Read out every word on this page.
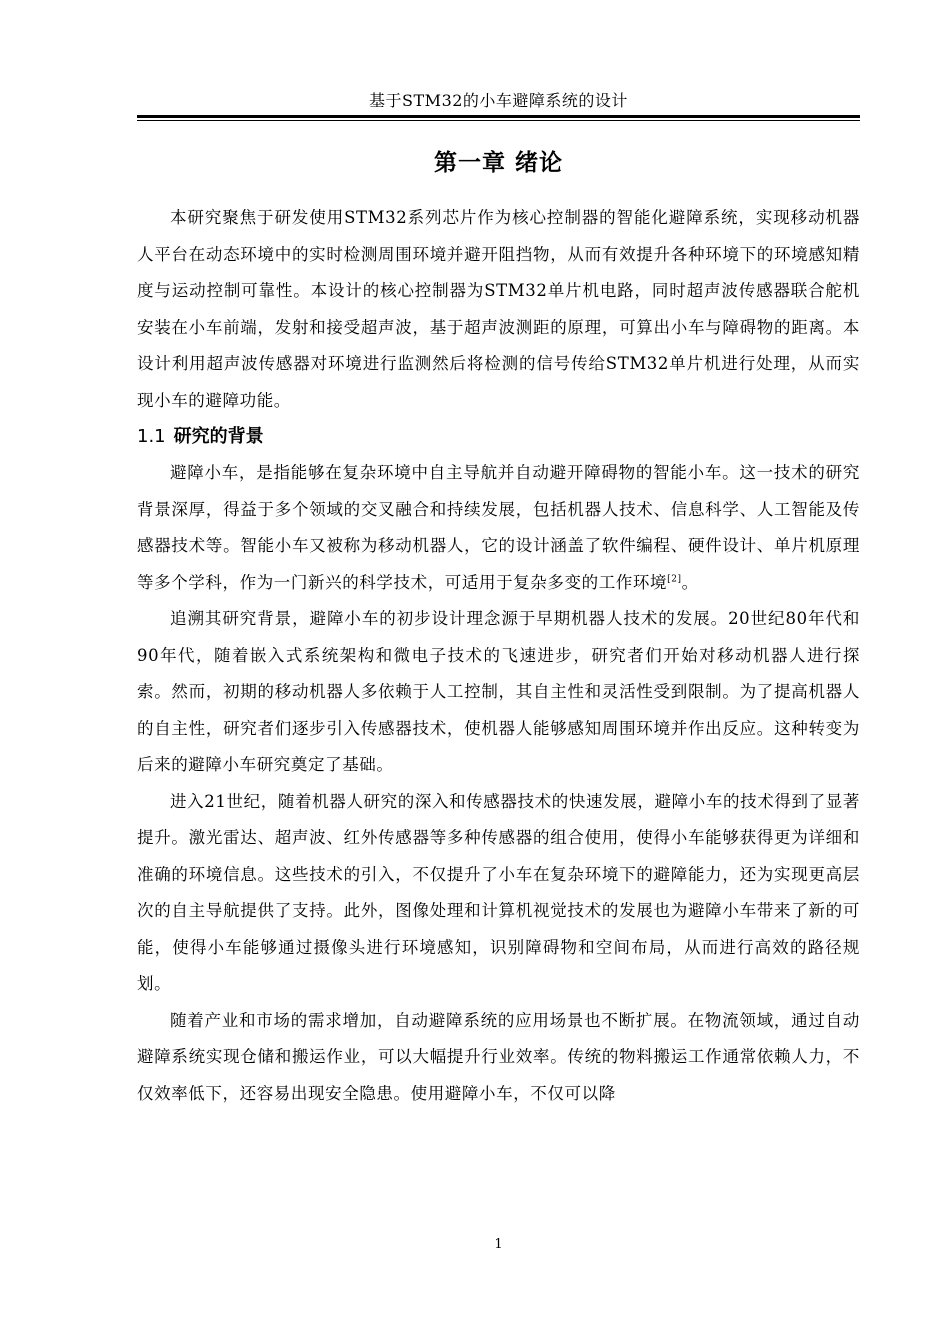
基于STM32的小车避障系统的设计
第一章 绪论

本研究聚焦于研发使用STM32系列芯片作为核心控制器的智能化避障系统，实现移动机器人平台在动态环境中的实时检测周围环境并避开阻挡物，从而有效提升各种环境下的环境感知精度与运动控制可靠性。本设计的核心控制器为STM32单片机电路，同时超声波传感器联合舵机安装在小车前端，发射和接受超声波，基于超声波测距的原理，可算出小车与障碍物的距离。本设计利用超声波传感器对环境进行监测然后将检测的信号传给STM32单片机进行处理，从而实现小车的避障功能。

1.1 研究的背景

避障小车，是指能够在复杂环境中自主导航并自动避开障碍物的智能小车。这一技术的研究背景深厚，得益于多个领域的交叉融合和持续发展，包括机器人技术、信息科学、人工智能及传感器技术等。智能小车又被称为移动机器人，它的设计涵盖了软件编程、硬件设计、单片机原理等多个学科，作为一门新兴的科学技术，可适用于复杂多变的工作环境[2]。

追溯其研究背景，避障小车的初步设计理念源于早期机器人技术的发展。20世纪80年代和90年代，随着嵌入式系统架构和微电子技术的飞速进步，研究者们开始对移动机器人进行探索。然而，初期的移动机器人多依赖于人工控制，其自主性和灵活性受到限制。为了提高机器人的自主性，研究者们逐步引入传感器技术，使机器人能够感知周围环境并作出反应。这种转变为后来的避障小车研究奠定了基础。

进入21世纪，随着机器人研究的深入和传感器技术的快速发展，避障小车的技术得到了显著提升。激光雷达、超声波、红外传感器等多种传感器的组合使用，使得小车能够获得更为详细和准确的环境信息。这些技术的引入，不仅提升了小车在复杂环境下的避障能力，还为实现更高层次的自主导航提供了支持。此外，图像处理和计算机视觉技术的发展也为避障小车带来了新的可能，使得小车能够通过摄像头进行环境感知，识别障碍物和空间布局，从而进行高效的路径规划。

随着产业和市场的需求增加，自动避障系统的应用场景也不断扩展。在物流领域，通过自动避障系统实现仓储和搬运作业，可以大幅提升行业效率。传统的物料搬运工作通常依赖人力，不仅效率低下，还容易出现安全隐患。使用避障小车，不仅可以降

1
